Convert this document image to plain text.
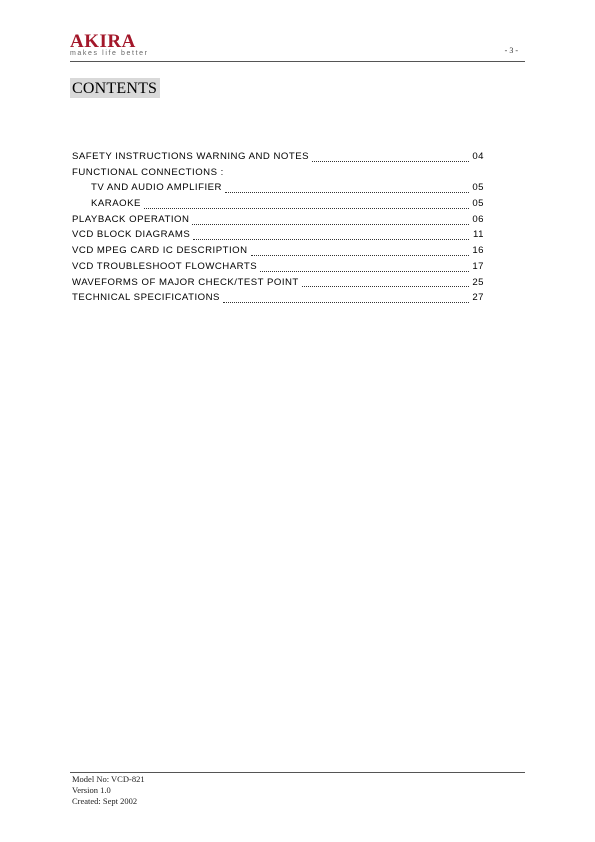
AKIRA
makes life better	- 3 -
CONTENTS
SAFETY INSTRUCTIONS WARNING AND NOTES	04
FUNCTIONAL CONNECTIONS :
TV AND AUDIO AMPLIFIER	05
KARAOKE	05
PLAYBACK OPERATION	06
VCD BLOCK DIAGRAMS	11
VCD MPEG CARD IC DESCRIPTION	16
VCD TROUBLESHOOT FLOWCHARTS	17
WAVEFORMS OF MAJOR CHECK/TEST POINT	25
TECHNICAL SPECIFICATIONS	27
Model No: VCD-821
Version 1.0
Created: Sept 2002
